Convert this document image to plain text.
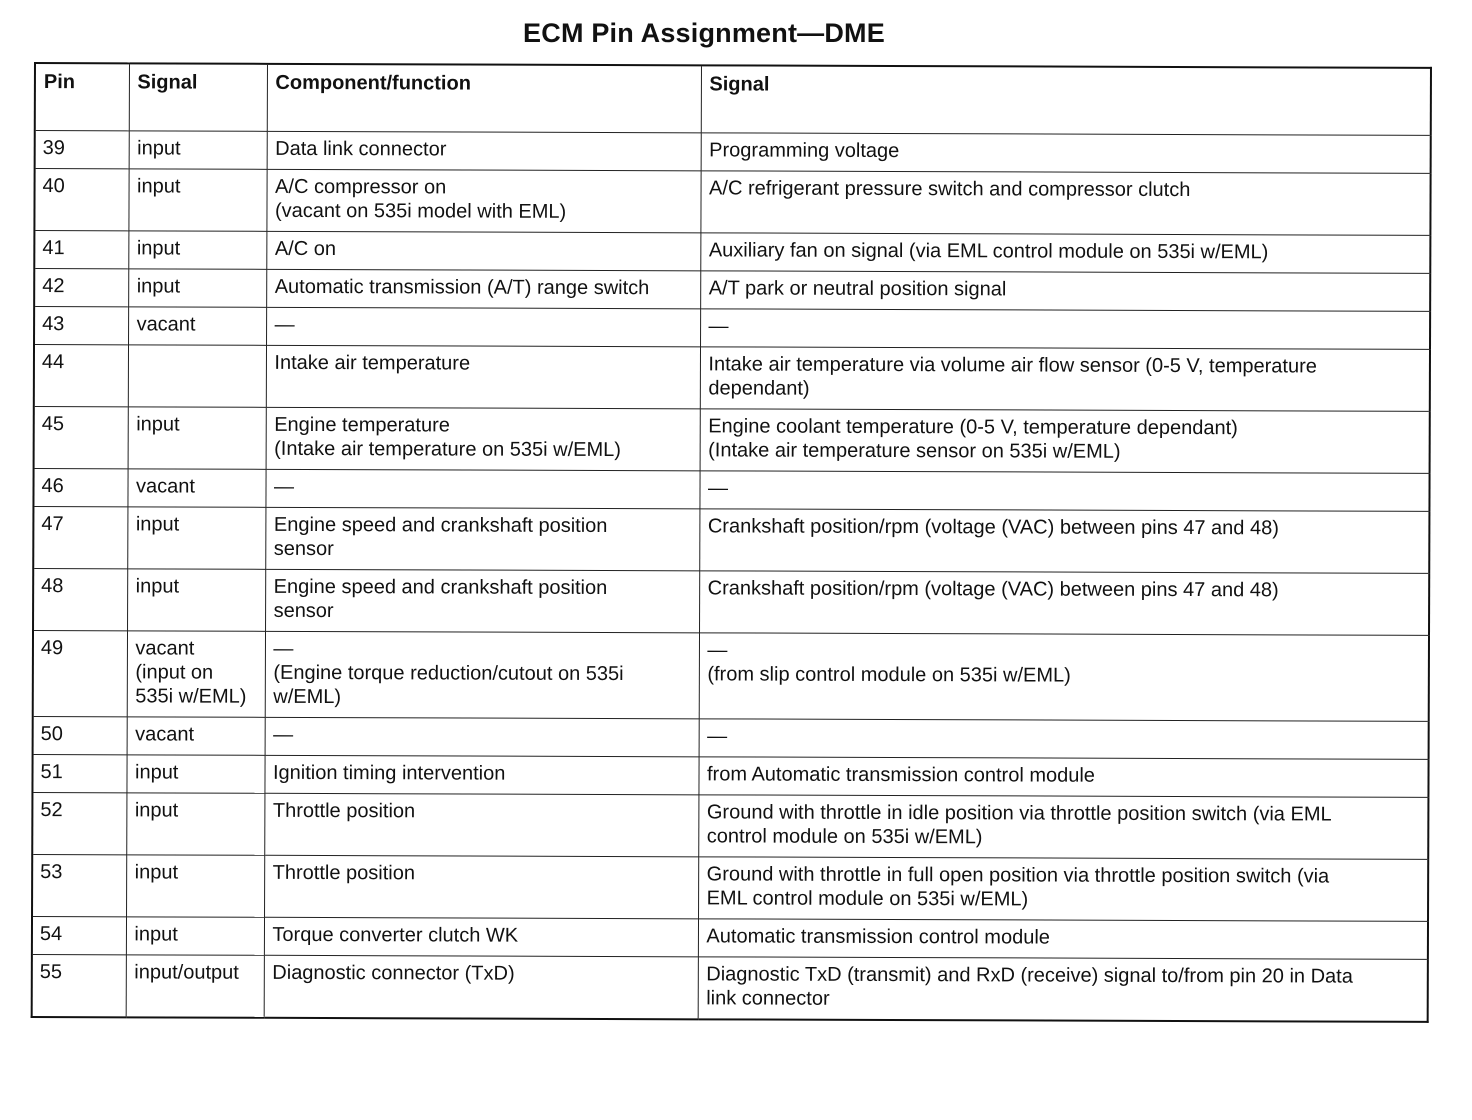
ECM Pin Assignment—DME
Pin	Signal	Component/function	Signal
39	input	Data link connector	Programming voltage

40	input	A/C compressor on
(vacant on 535i model with EML)	A/C refrigerant pressure switch and compressor clutch

41	input	A/C on	Auxiliary fan on signal (via EML control module on 535i w/EML)

42	input	Automatic transmission (A/T) range switch	A/T park or neutral position signal

43	vacant	—	—

44		Intake air temperature	Intake air temperature via volume air flow sensor (0-5 V, temperature
dependant)

45	input	Engine temperature
(Intake air temperature on 535i w/EML)	Engine coolant temperature (0-5 V, temperature dependant)
(Intake air temperature sensor on 535i w/EML)

46	vacant	—	—

47	input	Engine speed and crankshaft position
sensor	Crankshaft position/rpm (voltage (VAC) between pins 47 and 48)

48	input	Engine speed and crankshaft position
sensor	Crankshaft position/rpm (voltage (VAC) between pins 47 and 48)

49	vacant
(input on
535i w/EML)	—
(Engine torque reduction/cutout on 535i
w/EML)	—
(from slip control module on 535i w/EML)

50	vacant	—	—

51	input	Ignition timing intervention	from Automatic transmission control module

52	input	Throttle position	Ground with throttle in idle position via throttle position switch (via EML
control module on 535i w/EML)

53	input	Throttle position	Ground with throttle in full open position via throttle position switch (via
EML control module on 535i w/EML)

54	input	Torque converter clutch WK	Automatic transmission control module

55	input/output	Diagnostic connector (TxD)	Diagnostic TxD (transmit) and RxD (receive) signal to/from pin 20 in Data
link connector
